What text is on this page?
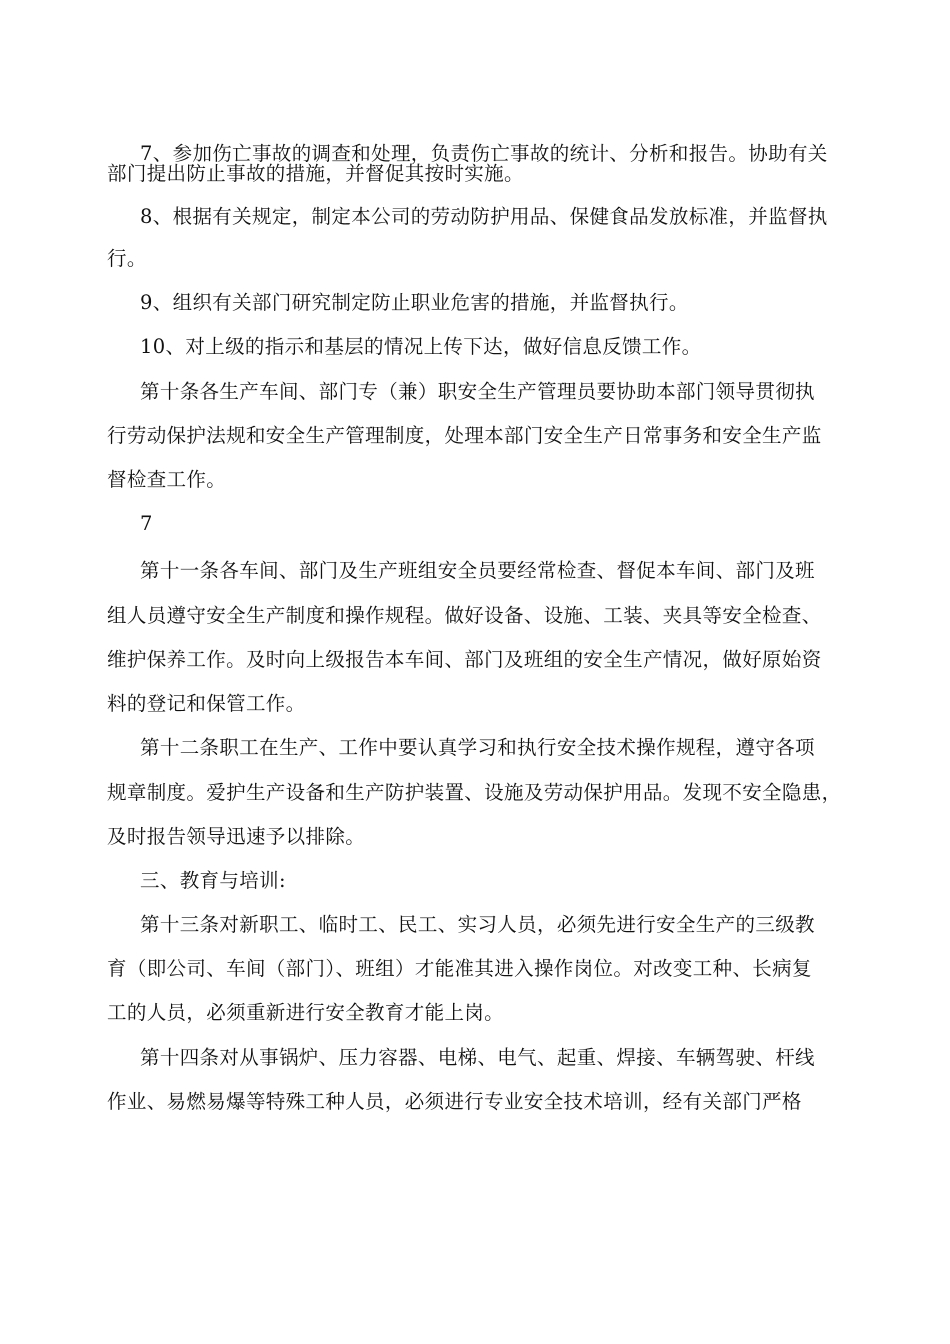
7、参加伤亡事故的调查和处理，负责伤亡事故的统计、分析和报告。协助有关
部门提出防止事故的措施，并督促其按时实施。
8、根据有关规定，制定本公司的劳动防护用品、保健食品发放标准，并监督执
行。
9、组织有关部门研究制定防止职业危害的措施，并监督执行。
10、对上级的指示和基层的情况上传下达，做好信息反馈工作。
第十条各生产车间、部门专（兼）职安全生产管理员要协助本部门领导贯彻执
行劳动保护法规和安全生产管理制度，处理本部门安全生产日常事务和安全生产监
督检查工作。
7
第十一条各车间、部门及生产班组安全员要经常检查、督促本车间、部门及班
组人员遵守安全生产制度和操作规程。做好设备、设施、工装、夹具等安全检查、
维护保养工作。及时向上级报告本车间、部门及班组的安全生产情况，做好原始资
料的登记和保管工作。
第十二条职工在生产、工作中要认真学习和执行安全技术操作规程，遵守各项
规章制度。爱护生产设备和生产防护装置、设施及劳动保护用品。发现不安全隐患，
及时报告领导迅速予以排除。
三、教育与培训:
第十三条对新职工、临时工、民工、实习人员，必须先进行安全生产的三级教
育（即公司、车间（部门）、班组）才能准其进入操作岗位。对改变工种、长病复
工的人员，必须重新进行安全教育才能上岗。
第十四条对从事锅炉、压力容器、电梯、电气、起重、焊接、车辆驾驶、杆线
作业、易燃易爆等特殊工种人员，必须进行专业安全技术培训，经有关部门严格
